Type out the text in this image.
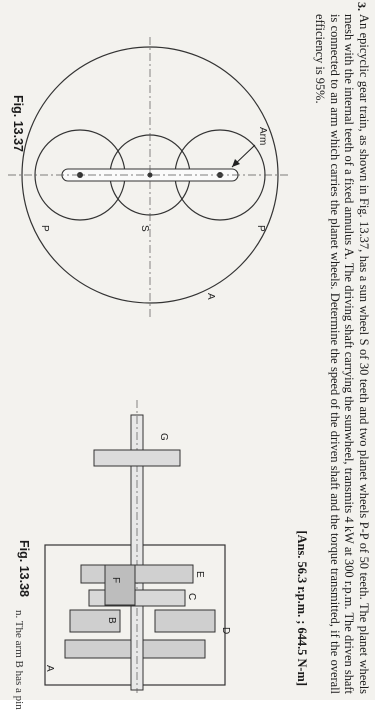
3.

An epicyclic gear train, as shown in Fig. 13.37, has a sun wheel S of 30 teeth and two planet wheels P-P of 50 teeth. The planet wheels mesh with the internal teeth of a fixed annulus A. The driving shaft carrying the sunwheel, transmits 4 kW at 300 r.p.m. The driven shaft is connected to an arm which carries the planet wheels. Determine the speed of the driven shaft and the torque transmitted, if the overall efficiency is 95%.

[Ans. 56.3 r.p.m. ; 644.5 N-m]
A
P
P	S
Arm
Fig. 13.37
D
E
C
G
F
B
A
Fig. 13.38
n. The arm B has a pin
